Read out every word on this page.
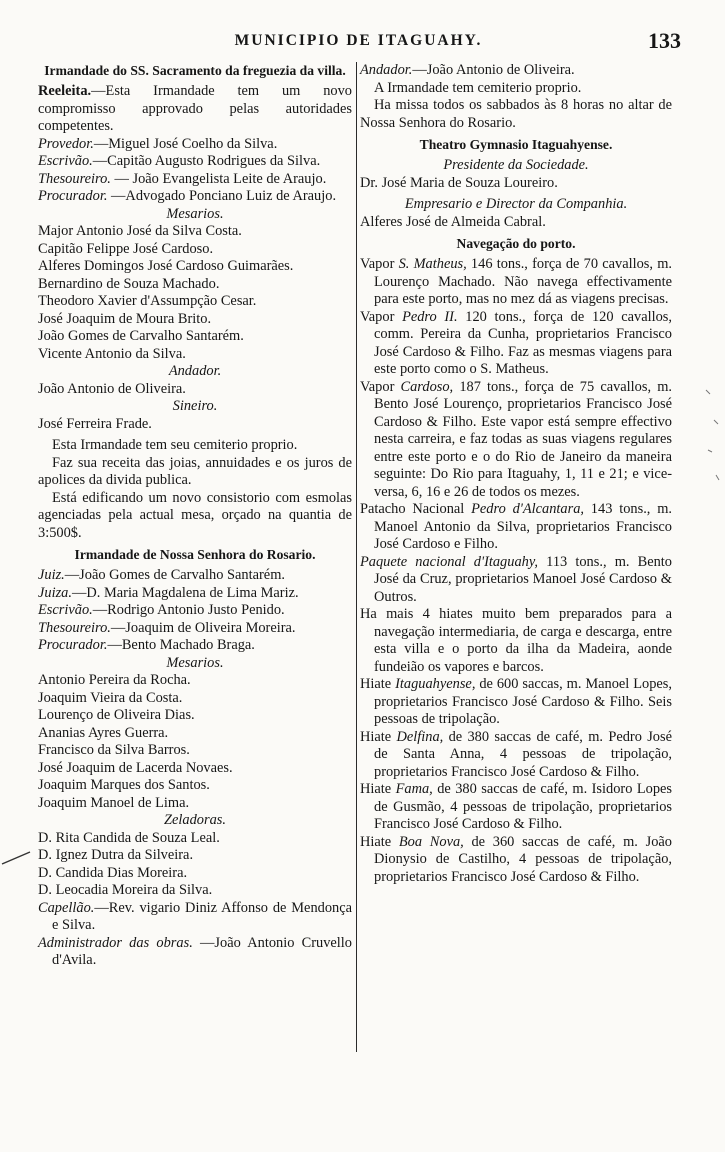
MUNICIPIO DE ITAGUAHY.	133
Irmandade do SS. Sacramento da freguezia da villa.
Reeleita.—Esta Irmandade tem um novo compromisso approvado pelas autoridades competentes.
Provedor.—Miguel José Coelho da Silva.
Escrivão.—Capitão Augusto Rodrigues da Silva.
Thesoureiro. — João Evangelista Leite de Araujo.
Procurador. —Advogado Ponciano Luiz de Araujo.
Mesarios.
Major Antonio José da Silva Costa.
Capitão Felippe José Cardoso.
Alferes Domingos José Cardoso Guimarães.
Bernardino de Souza Machado.
Theodoro Xavier d'Assumpção Cesar.
José Joaquim de Moura Brito.
João Gomes de Carvalho Santarém.
Vicente Antonio da Silva.
Andador.
João Antonio de Oliveira.
Sineiro.
José Ferreira Frade.
Esta Irmandade tem seu cemiterio proprio.
Faz sua receita das joias, annuidades e os juros de apolices da divida publica.
Está edificando um novo consistorio com esmolas agenciadas pela actual mesa, orçado na quantia de 3:500$.
Irmandade de Nossa Senhora do Rosario.
Juiz.—João Gomes de Carvalho Santarém.
Juiza.—D. Maria Magdalena de Lima Mariz.
Escrivão.—Rodrigo Antonio Justo Penido.
Thesoureiro.—Joaquim de Oliveira Moreira.
Procurador.—Bento Machado Braga.
Mesarios.
Antonio Pereira da Rocha.
Joaquim Vieira da Costa.
Lourenço de Oliveira Dias.
Ananias Ayres Guerra.
Francisco da Silva Barros.
José Joaquim de Lacerda Novaes.
Joaquim Marques dos Santos.
Joaquim Manoel de Lima.
Zeladoras.
D. Rita Candida de Souza Leal.
D. Ignez Dutra da Silveira.
D. Candida Dias Moreira.
D. Leocadia Moreira da Silva.
Capellão.—Rev. vigario Diniz Affonso de Mendonça e Silva.
Administrador das obras. —João Antonio Cruvello d'Avila.
Andador.—João Antonio de Oliveira.
A Irmandade tem cemiterio proprio.
Ha missa todos os sabbados às 8 horas no altar de Nossa Senhora do Rosario.
Theatro Gymnasio Itaguahyense.
Presidente da Sociedade.
Dr. José Maria de Souza Loureiro.
Empresario e Director da Companhia.
Alferes José de Almeida Cabral.
Navegação do porto.
Vapor S. Matheus, 146 tons., força de 70 cavallos, m. Lourenço Machado. Não navega effectivamente para este porto, mas no mez dá as viagens precisas.
Vapor Pedro II. 120 tons., força de 120 cavallos, comm. Pereira da Cunha, proprietarios Francisco José Cardoso & Filho. Faz as mesmas viagens para este porto como o S. Matheus.
Vapor Cardoso, 187 tons., força de 75 cavallos, m. Bento José Lourenço, proprietarios Francisco José Cardoso & Filho. Este vapor está sempre effectivo nesta carreira, e faz todas as suas viagens regulares entre este porto e o do Rio de Janeiro da maneira seguinte: Do Rio para Itaguahy, 1, 11 e 21; e vice-versa, 6, 16 e 26 de todos os mezes.
Patacho Nacional Pedro d'Alcantara, 143 tons., m. Manoel Antonio da Silva, proprietarios Francisco José Cardoso e Filho.
Paquete nacional d'Itaguahy, 113 tons., m. Bento José da Cruz, proprietarios Manoel José Cardoso & Outros.
Ha mais 4 hiates muito bem preparados para a navegação intermediaria, de carga e descarga, entre esta villa e o porto da ilha da Madeira, aonde fundeião os vapores e barcos.
Hiate Itaguahyense, de 600 saccas, m. Manoel Lopes, proprietarios Francisco José Cardoso & Filho. Seis pessoas de tripolação.
Hiate Delfina, de 380 saccas de café, m. Pedro José de Santa Anna, 4 pessoas de tripolação, proprietarios Francisco José Cardoso & Filho.
Hiate Fama, de 380 saccas de café, m. Isidoro Lopes de Gusmão, 4 pessoas de tripolação, proprietarios Francisco José Cardoso & Filho.
Hiate Boa Nova, de 360 saccas de café, m. João Dionysio de Castilho, 4 pessoas de tripolação, proprietarios Francisco José Cardoso & Filho.
